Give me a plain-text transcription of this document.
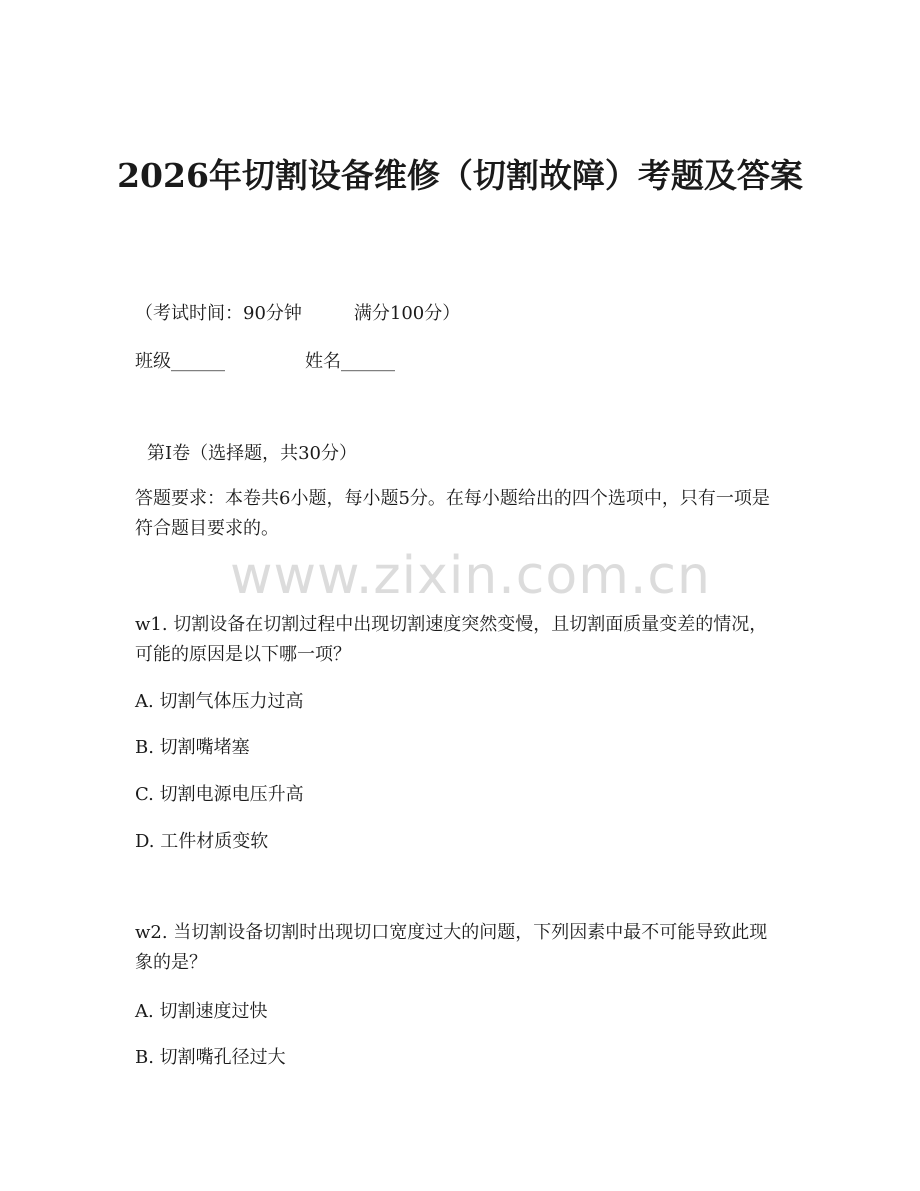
2026年切割设备维修（切割故障）考题及答案
（考试时间：90分钟	满分100分）
班级______	姓名______
第I卷（选择题，共30分）
答题要求：本卷共6小题，每小题5分。在每小题给出的四个选项中，只有一项是符合题目要求的。
www.zixin.com.cn
w1. 切割设备在切割过程中出现切割速度突然变慢，且切割面质量变差的情况，可能的原因是以下哪一项？
A. 切割气体压力过高
B. 切割嘴堵塞
C. 切割电源电压升高
D. 工件材质变软
w2. 当切割设备切割时出现切口宽度过大的问题，下列因素中最不可能导致此现象的是？
A. 切割速度过快
B. 切割嘴孔径过大
